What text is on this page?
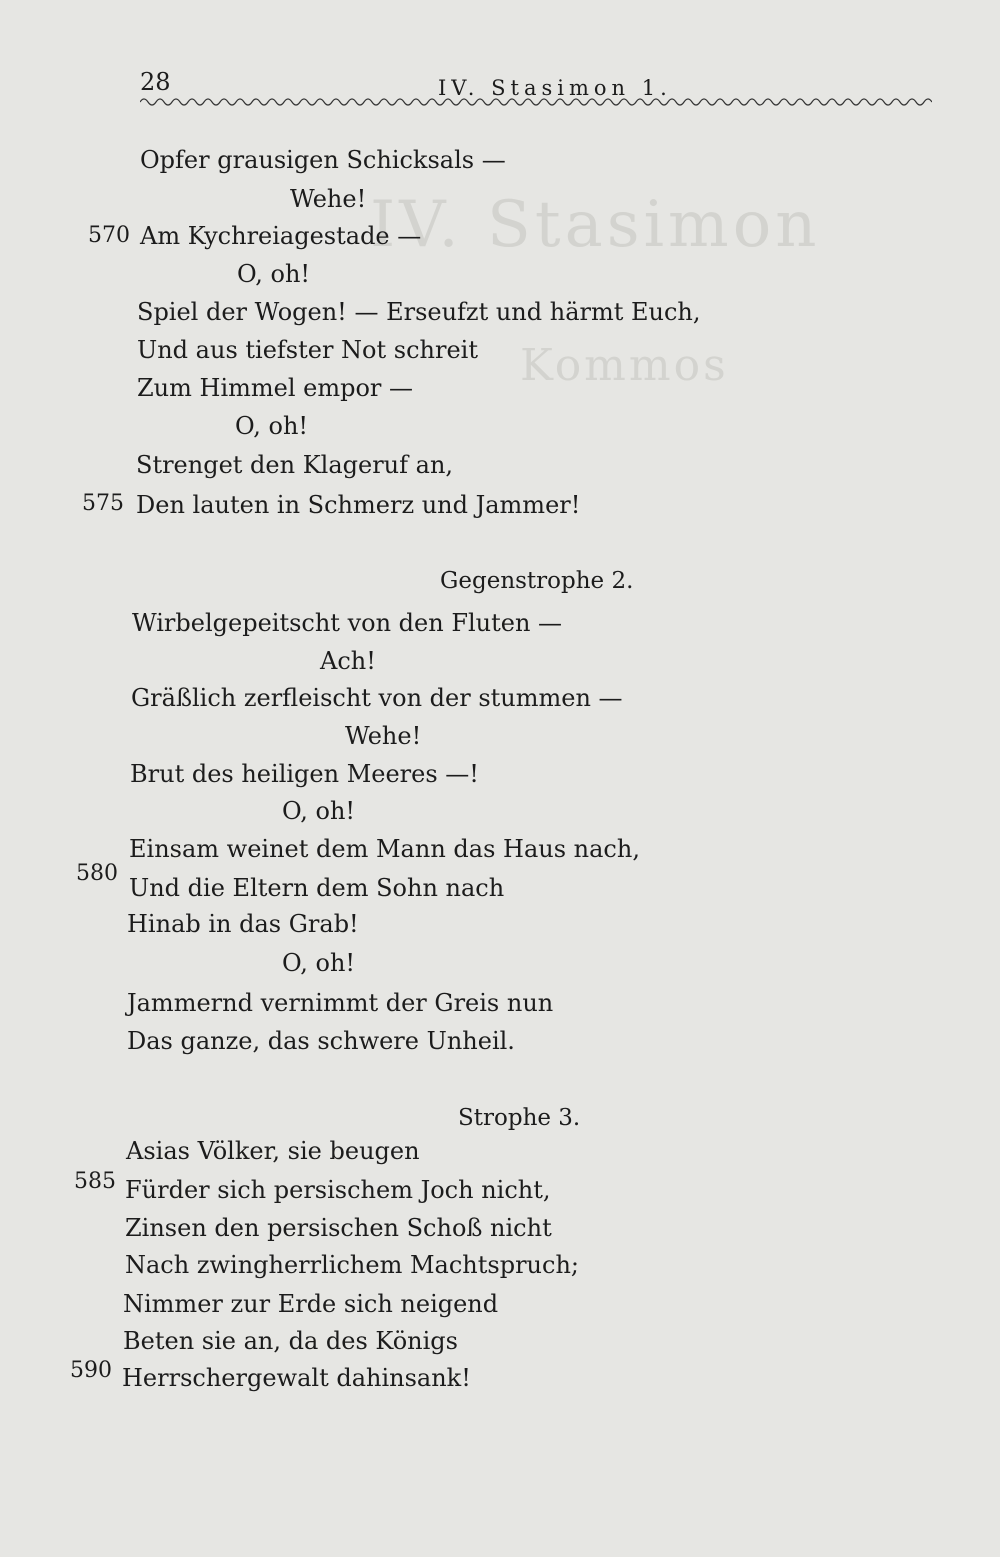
IV. Stasimon
Kommos
28	IV. Stasimon 1.
Opfer grausigen Schicksals —
Wehe!
Am Kychreiagestade —
O, oh!
Spiel der Wogen! — Erseufzt und härmt Euch,
Und aus tiefster Not schreit
Zum Himmel empor —
O, oh!
Strenget den Klageruf an,
Den lauten in Schmerz und Jammer!
Gegenstrophe 2.
Wirbelgepeitscht von den Fluten —
Ach!
Gräßlich zerfleischt von der stummen —
Wehe!
Brut des heiligen Meeres —!
O, oh!
Einsam weinet dem Mann das Haus nach,
Und die Eltern dem Sohn nach
Hinab in das Grab!
O, oh!
Jammernd vernimmt der Greis nun
Das ganze, das schwere Unheil.
Strophe 3.
Asias Völker, sie beugen
Fürder sich persischem Joch nicht,
Zinsen den persischen Schoß nicht
Nach zwingherrlichem Machtspruch;
Nimmer zur Erde sich neigend
Beten sie an, da des Königs
Herrschergewalt dahinsank!
570
575
580
585
590
